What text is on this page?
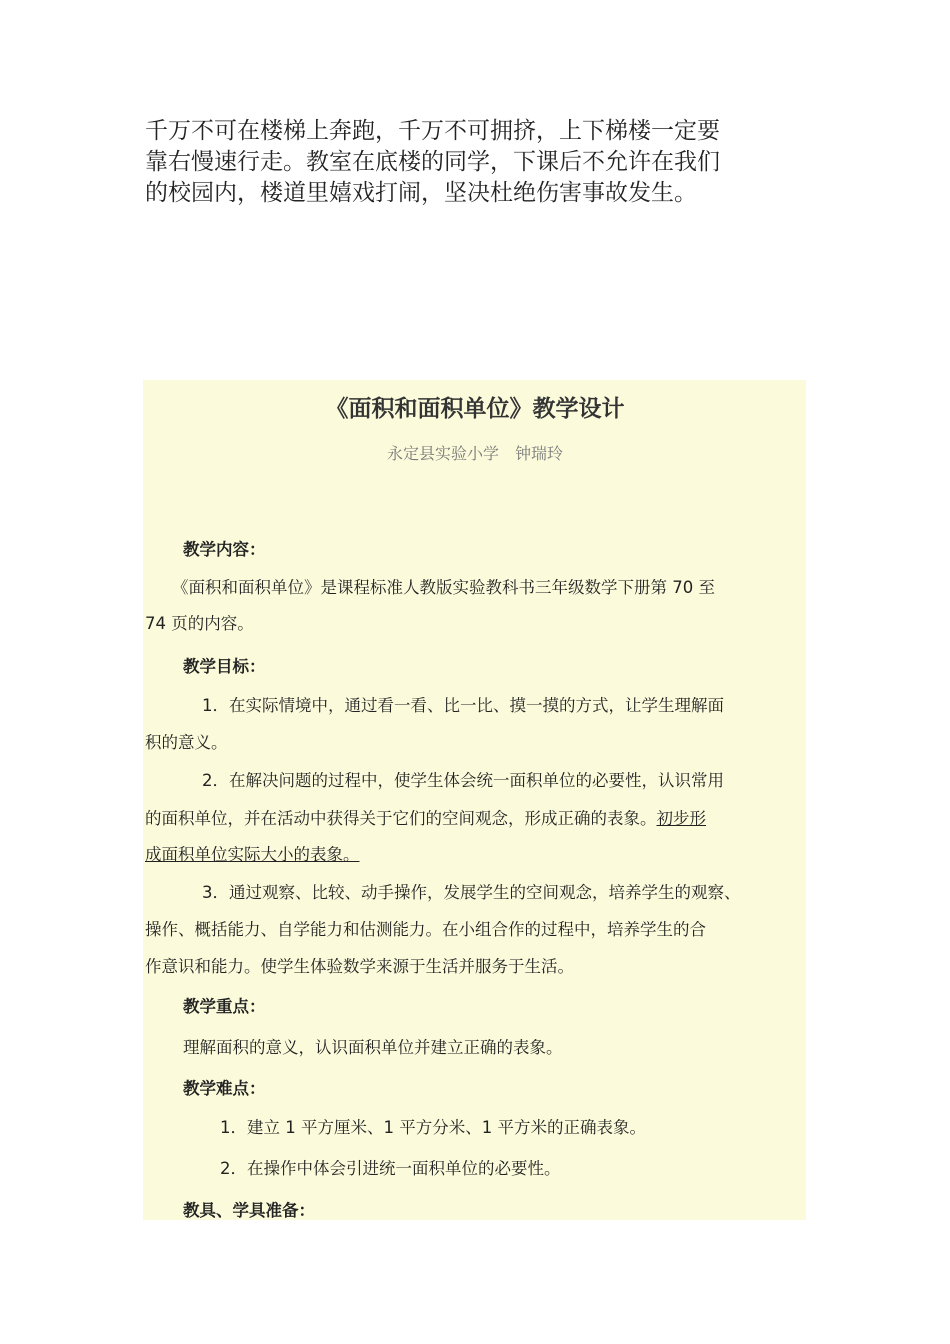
千万不可在楼梯上奔跑，千万不可拥挤，上下梯楼一定要
靠右慢速行走。教室在底楼的同学，下课后不允许在我们
的校园内，楼道里嬉戏打闹，坚决杜绝伤害事故发生。
《面积和面积单位》教学设计
永定县实验小学　钟瑞玲
教学内容：
《面积和面积单位》是课程标准人教版实验教科书三年级数学下册第 70 至
74 页的内容。
教学目标：
1．在实际情境中，通过看一看、比一比、摸一摸的方式，让学生理解面
积的意义。
2．在解决问题的过程中，使学生体会统一面积单位的必要性，认识常用
的面积单位，并在活动中获得关于它们的空间观念，形成正确的表象。初步形
成面积单位实际大小的表象。
3．通过观察、比较、动手操作，发展学生的空间观念，培养学生的观察、
操作、概括能力、自学能力和估测能力。在小组合作的过程中，培养学生的合
作意识和能力。使学生体验数学来源于生活并服务于生活。
教学重点：
理解面积的意义，认识面积单位并建立正确的表象。
教学难点：
1．建立 1 平方厘米、1 平方分米、1 平方米的正确表象。
2．在操作中体会引进统一面积单位的必要性。
教具、学具准备：
